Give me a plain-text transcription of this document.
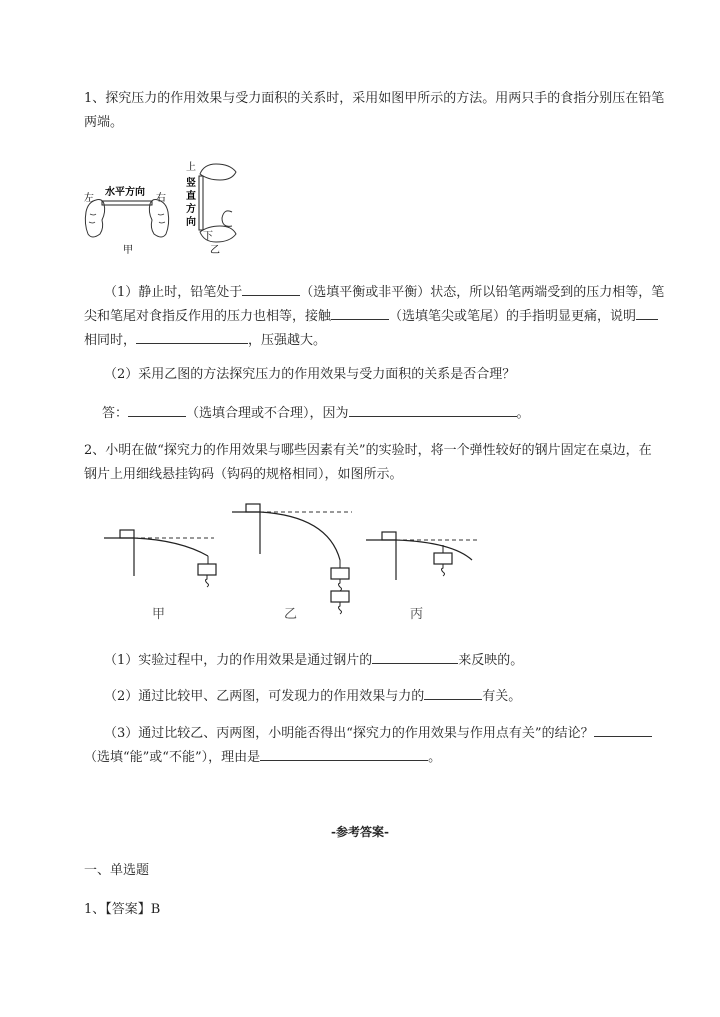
1、探究压力的作用效果与受力面积的关系时，采用如图甲所示的方法。用两只手的食指分别压在铅笔
两端。
左
水平方向
右
甲
上
竖 直 方 向
下
乙
（1）静止时，铅笔处于	（选填平衡或非平衡）状态，所以铅笔两端受到的压力相等，笔
尖和笔尾对食指反作用的压力也相等，接触	（选填笔尖或笔尾）的手指明显更痛，说明
相同时，	，压强越大。
（2）采用乙图的方法探究压力的作用效果与受力面积的关系是否合理？
答：	（选填合理或不合理），因为	。
2、小明在做“探究力的作用效果与哪些因素有关”的实验时，将一个弹性较好的钢片固定在桌边，在
钢片上用细线悬挂钩码（钩码的规格相同），如图所示。
甲	乙	丙
（1）实验过程中，力的作用效果是通过钢片的	来反映的。
（2）通过比较甲、乙两图，可发现力的作用效果与力的	有关。
（3）通过比较乙、丙两图，小明能否得出“探究力的作用效果与作用点有关”的结论？
（选填“能”或“不能”），理由是	。
-参考答案-
一、单选题
1、【答案】B
